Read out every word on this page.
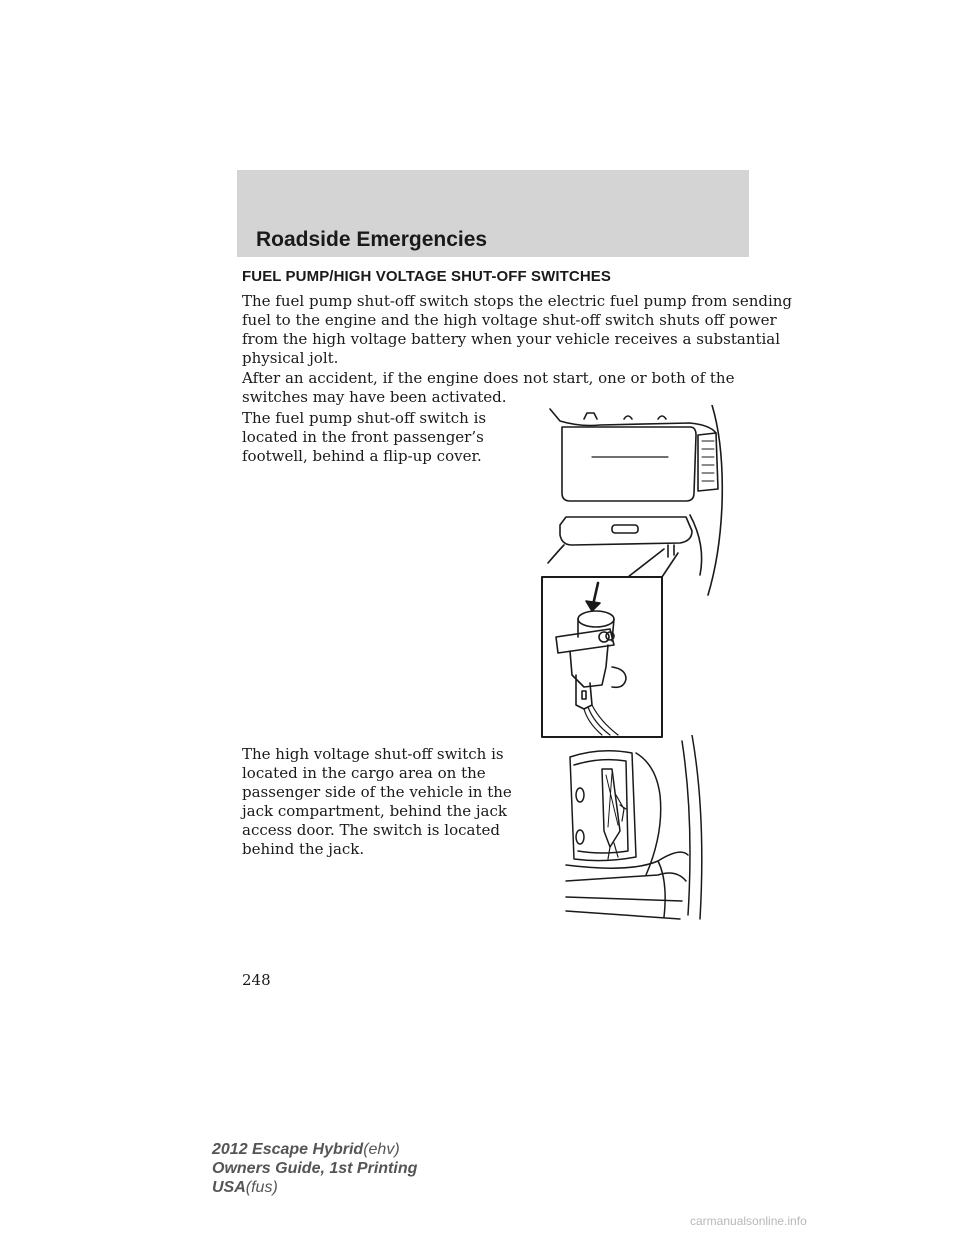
Roadside Emergencies
FUEL PUMP/HIGH VOLTAGE SHUT-OFF SWITCHES

The fuel pump shut-off switch stops the electric fuel pump from sending
fuel to the engine and the high voltage shut-off switch shuts off power
from the high voltage battery when your vehicle receives a substantial
physical jolt.

After an accident, if the engine does not start, one or both of the
switches may have been activated.

The fuel pump shut-off switch is
located in the front passenger’s
footwell, behind a flip-up cover.

The high voltage shut-off switch is
located in the cargo area on the
passenger side of the vehicle in the
jack compartment, behind the jack
access door. The switch is located
behind the jack.

248
2012 Escape Hybrid(ehv)
Owners Guide, 1st Printing
USA(fus)
carmanualsonline.info
